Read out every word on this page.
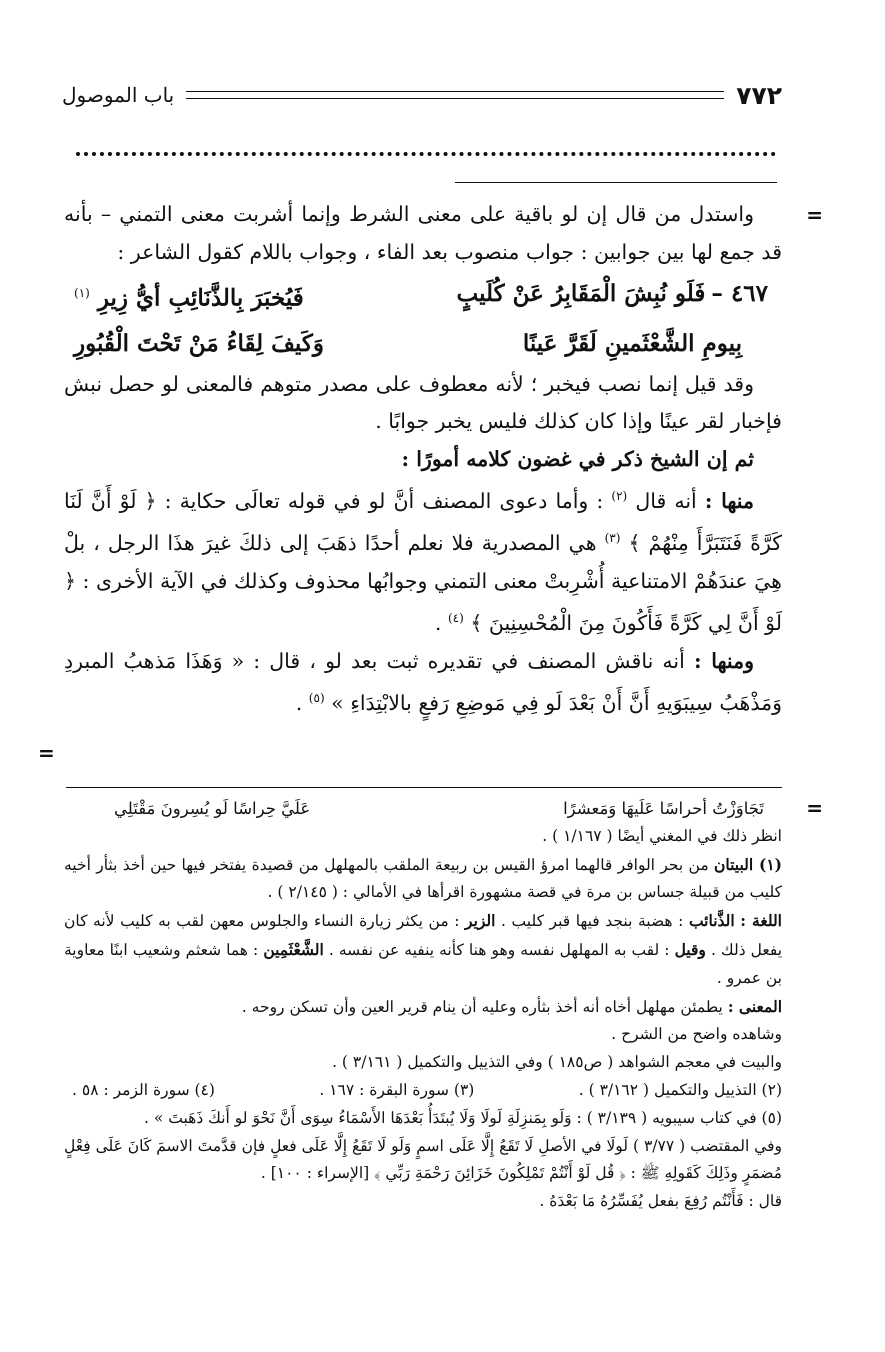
٧٧٢
باب الموصول
=

واستدل من قال إن لو باقية على معنى الشرط وإنما أشربت معنى التمني – بأنه قد جمع لها بين جوابين : جواب منصوب بعد الفاء ، وجواب باللام كقول الشاعر :

٤٦٧ –فَلَو نُبِشَ الْمَقَابِرُ عَنْ كُلَيبٍ
فَيُخبَرَ بِالذَّنَائِبِ أيُّ زِيرِ $^{(١)}$
بِيومِ الشَّعْثَمينِ لَقَرَّ عَينًا
وَكَيفَ لِقَاءُ مَنْ تَحْتَ الْقُبُورِ

وقد قيل إنما نصب فيخبر ؛ لأنه معطوف على مصدر متوهم فالمعنى لو حصل نبش فإخبار لقر عينًا وإذا كان كذلك فليس يخبر جوابًا .

ثم إن الشيخ ذكر في غضون كلامه أمورًا :

منها : أنه قال $^{(٢)}$ : وأما دعوى المصنف أنَّ لو في قوله تعالَى حكاية : ﴿ لَوْ أَنَّ لَنَا كَرَّةً فَنَتَبَرَّأَ مِنْهُمْ ﴾ $^{(٣)}$ هي المصدرية فلا نعلم أحدًا ذهَبَ إلى ذلكَ غيرَ هذَا الرجل ، بلْ هِيَ عندَهُمْ الامتناعية أُشْرِبتْ معنى التمني وجوابُها محذوف وكذلك في الآية الأخرى : ﴿ لَوْ أَنَّ لِي كَرَّةً فَأَكُونَ مِنَ الْمُحْسِنِينَ ﴾ $^{(٤)}$ .

ومنها : أنه ناقش المصنف في تقديره ثبت بعد لو ، قال : « وَهَذَا مَذهبُ المبردِ وَمَذْهَبُ سِيبَوَيهِ أَنَّ أَنْ بَعْدَ لَو فِي مَوضِعِ رَفعٍ بالابْتِدَاءِ » $^{(٥)}$ .

=
=
تَجَاوَزْتُ أحراسًا عَلَيهَا وَمَعشرًا
عَلَيَّ حِراسًا لَو يُسِرونَ مَقْتَلِي

انظر ذلك في المغني أيضًا ( ١/١٦٧ ) .

(١) البيتان من بحر الوافر قالهما امرؤ القيس بن ربيعة الملقب بالمهلهل من قصيدة يفتخر فيها حين أخذ بثأر أخيه كليب من قبيلة جساس بن مرة في قصة مشهورة اقرأها في الأمالي : ( ٢/١٤٥ ) .

اللغة : الذَّنائب : هضبة بنجد فيها قبر كليب . الزير : من يكثر زيارة النساء والجلوس معهن لقب به كليب لأنه كان يفعل ذلك . وقيل : لقب به المهلهل نفسه وهو هنا كأنه ينفيه عن نفسه . الشَّعْثَمِين : هما شعثم وشعيب ابنًا معاوية بن عمرو .

المعنى : يطمئن مهلهل أخاه أنه أخذ بثأره وعليه أن ينام قرير العين وأن تسكن روحه .

وشاهده واضح من الشرح .

والبيت في معجم الشواهد ( ص١٨٥ ) وفي التذييل والتكميل ( ٣/١٦١ ) .

(٢) التذييل والتكميل ( ٣/١٦٢ ) .
(٣) سورة البقرة : ١٦٧ .
(٤) سورة الزمر : ٥٨ .

(٥) في كتاب سيبويه ( ٣/١٣٩ ) : وَلَو بِمَنزِلَةِ لَولَا وَلَا يُبتَدَأُ بَعْدَهَا الأَسْمَاءُ سِوَى أَنَّ نَحْوَ لو أَنكَ ذَهَبتَ » .

وفي المقتضب ( ٣/٧٧ ) لَولَا في الأصلِ لَا تَقَعُ إِلَّا عَلَى اسمٍ وَلَو لَا تَقَعُ إِلَّا عَلَى فعلٍ فإن قدَّمتَ الاسمَ كَانَ عَلَى فِعْلٍ مُضمَرٍ وذَلِكَ كَقَولِهِ ﷺ : ﴿ قُل لَوْ أَنْتُمْ تَمْلِكُونَ خَزَائِنَ رَحْمَةِ رَبِّي ﴾ [الإسراء : ١٠٠] .

قال : فَأَنْتُم رُفِعَ بفعل يُفَسِّرُهُ مَا بَعْدَهُ .
